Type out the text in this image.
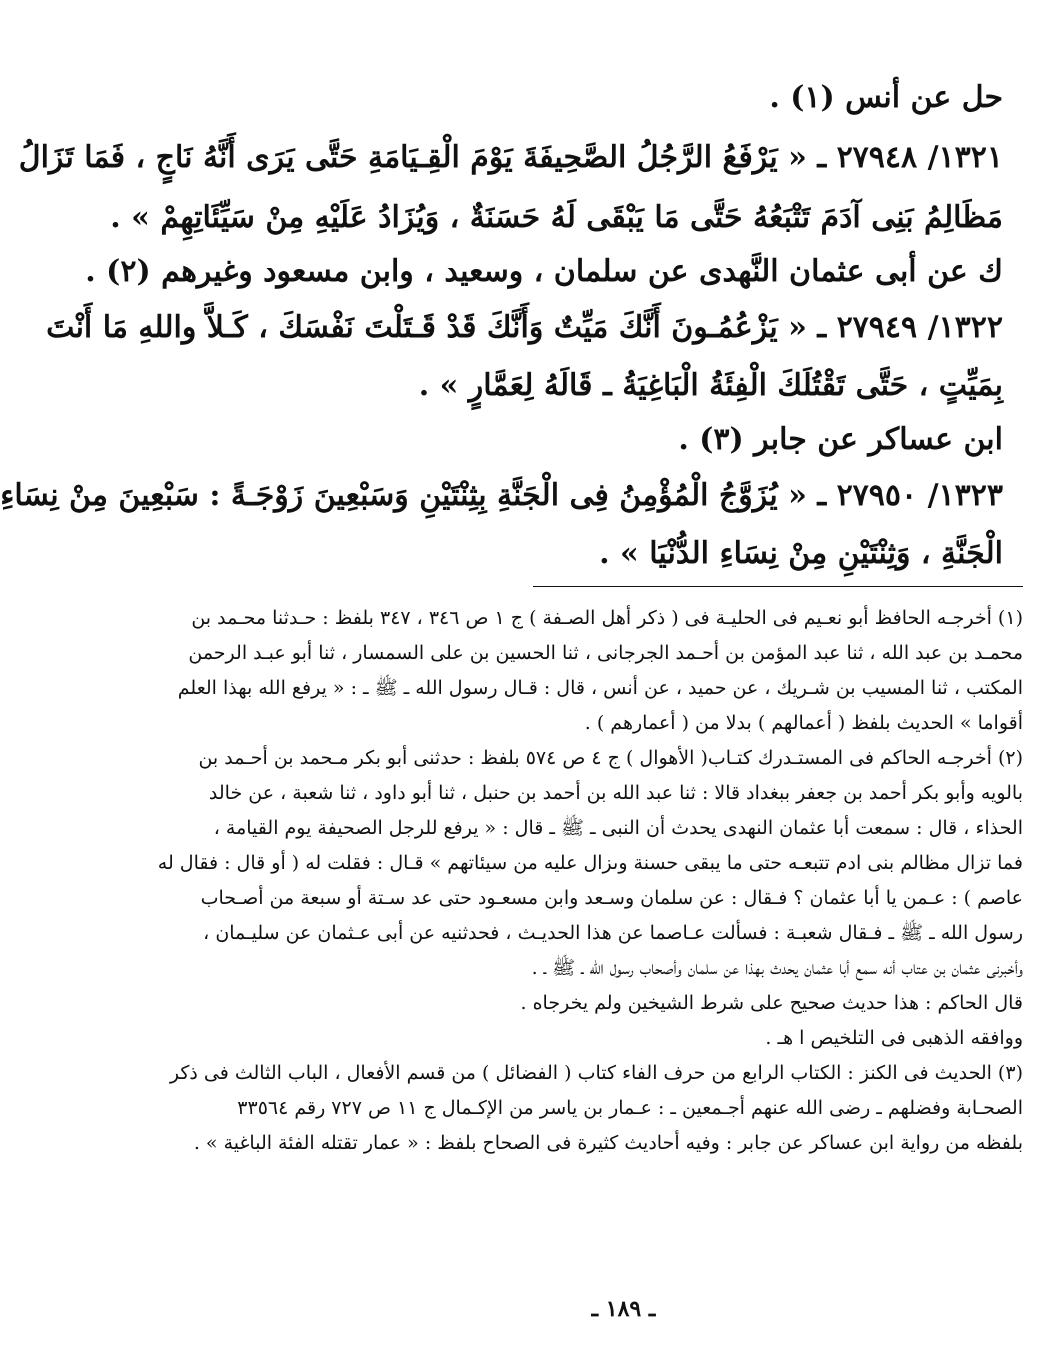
حل عن أنس (١) .
١٣٢١/ ٢٧٩٤٨ ـ « يَرْفَعُ الرَّجُلُ الصَّحِيفَةَ يَوْمَ الْقِـيَامَةِ حَتَّى يَرَى أَنَّهُ نَاجٍ ، فَمَا تَزَالُ
مَظَالِمُ بَنِى آدَمَ تَتْبَعُهُ حَتَّى مَا يَبْقَى لَهُ حَسَنَةٌ ، وَيُزَادُ عَلَيْهِ مِنْ سَيِّئَاتِهِمْ » .
ك عن أبى عثمان النَّهدى عن سلمان ، وسعيد ، وابن مسعود وغيرهم (٢) .
١٣٢٢/ ٢٧٩٤٩ ـ « يَزْعُمُـونَ أَنَّكَ مَيِّتٌ وَأَنَّكَ قَدْ قَـتَلْتَ نَفْسَكَ ، كَـلاَّ واللهِ مَا أَنْتَ
بِمَيِّتٍ ، حَتَّى تَقْتُلَكَ الْفِئَةُ الْبَاغِيَةُ ـ قَالَهُ لِعَمَّارٍ » .
ابن عساكر عن جابر (٣) .
١٣٢٣/ ٢٧٩٥٠ ـ « يُزَوَّجُ الْمُؤْمِنُ فِى الْجَنَّةِ بِثِنْتَيْنِ وَسَبْعِينَ زَوْجَـةً : سَبْعِينَ مِنْ نِسَاءِ
الْجَنَّةِ ، وَثِنْتَيْنِ مِنْ نِسَاءِ الدُّنْيَا » .
(١) أخرجـه الحافظ أبو نعـيم فى الحليـة فى ( ذكر أهل الصـفة ) ج ١ ص ٣٤٦ ، ٣٤٧ بلفظ : حـدثنا محـمد بن
محمـد بن عبد الله ، ثنا عبد المؤمن بن أحـمد الجرجانى ، ثنا الحسين بن على السمسار ، ثنا أبو عبـد الرحمن
المكتب ، ثنا المسيب بن شـريك ، عن حميد ، عن أنس ، قال : قـال رسول الله ـ ﷺ ـ : « يرفع الله بهذا العلم
أقواما » الحديث بلفظ ( أعمالهم ) بدلا من ( أعمارهم ) .
(٢) أخرجـه الحاكم فى المستـدرك كتـاب( الأهوال ) ج ٤ ص ٥٧٤ بلفظ : حدثنى أبو بكر مـحمد بن أحـمد بن
بالويه وأبو بكر أحمد بن جعفر ببغداد قالا : ثنا عبد الله بن أحمد بن حنبل ، ثنا أبو داود ، ثنا شعبة ، عن خالد
الحذاء ، قال : سمعت أبا عثمان النهدى يحدث أن النبى ـ ﷺ ـ قال : « يرفع للرجل الصحيفة يوم القيامة ،
فما تزال مظالم بنى ادم تتبعـه حتى ما يبقى حسنة وىزال عليه من سيئاتهم » قـال : فقلت له ( أو قال : فقال له
عاصم ) : عـمن يا أبا عثمان ؟ فـقال : عن سلمان وسـعد وابن مسعـود حتى عد سـتة أو سبعة من أصـحاب
رسول الله ـ ﷺ ـ فـقال شعبـة : فسألت عـاصما عن هذا الحديـث ، فحدثنيه عن أبى عـثمان عن سليـمان ،
وأخبرنى عثمان بن عتاب أنه سمع أبا عثمان يحدث بهذا عن سلمان وأصحاب رسول الله ـ ﷺ ـ .
قال الحاكم : هذا حديث صحيح على شرط الشيخين ولم يخرجاه .
ووافقه الذهبى فى التلخيص ا هـ .
(٣) الحديث فى الكنز : الكتاب الرابع من حرف الفاء كتاب ( الفضائل ) من قسم الأفعال ، الباب الثالث فى ذكر
الصحـابة وفضلهم ـ رضى الله عنهم أجـمعين ـ : عـمار بن ياسر من الإكـمال ج ١١ ص ٧٢٧ رقم ٣٣٥٦٤
بلفظه من رواية ابن عساكر عن جابر : وفيه أحاديث كثيرة فى الصحاح بلفظ : « عمار تقتله الفئة الباغية » .
ـ ١٨٩ ـ
